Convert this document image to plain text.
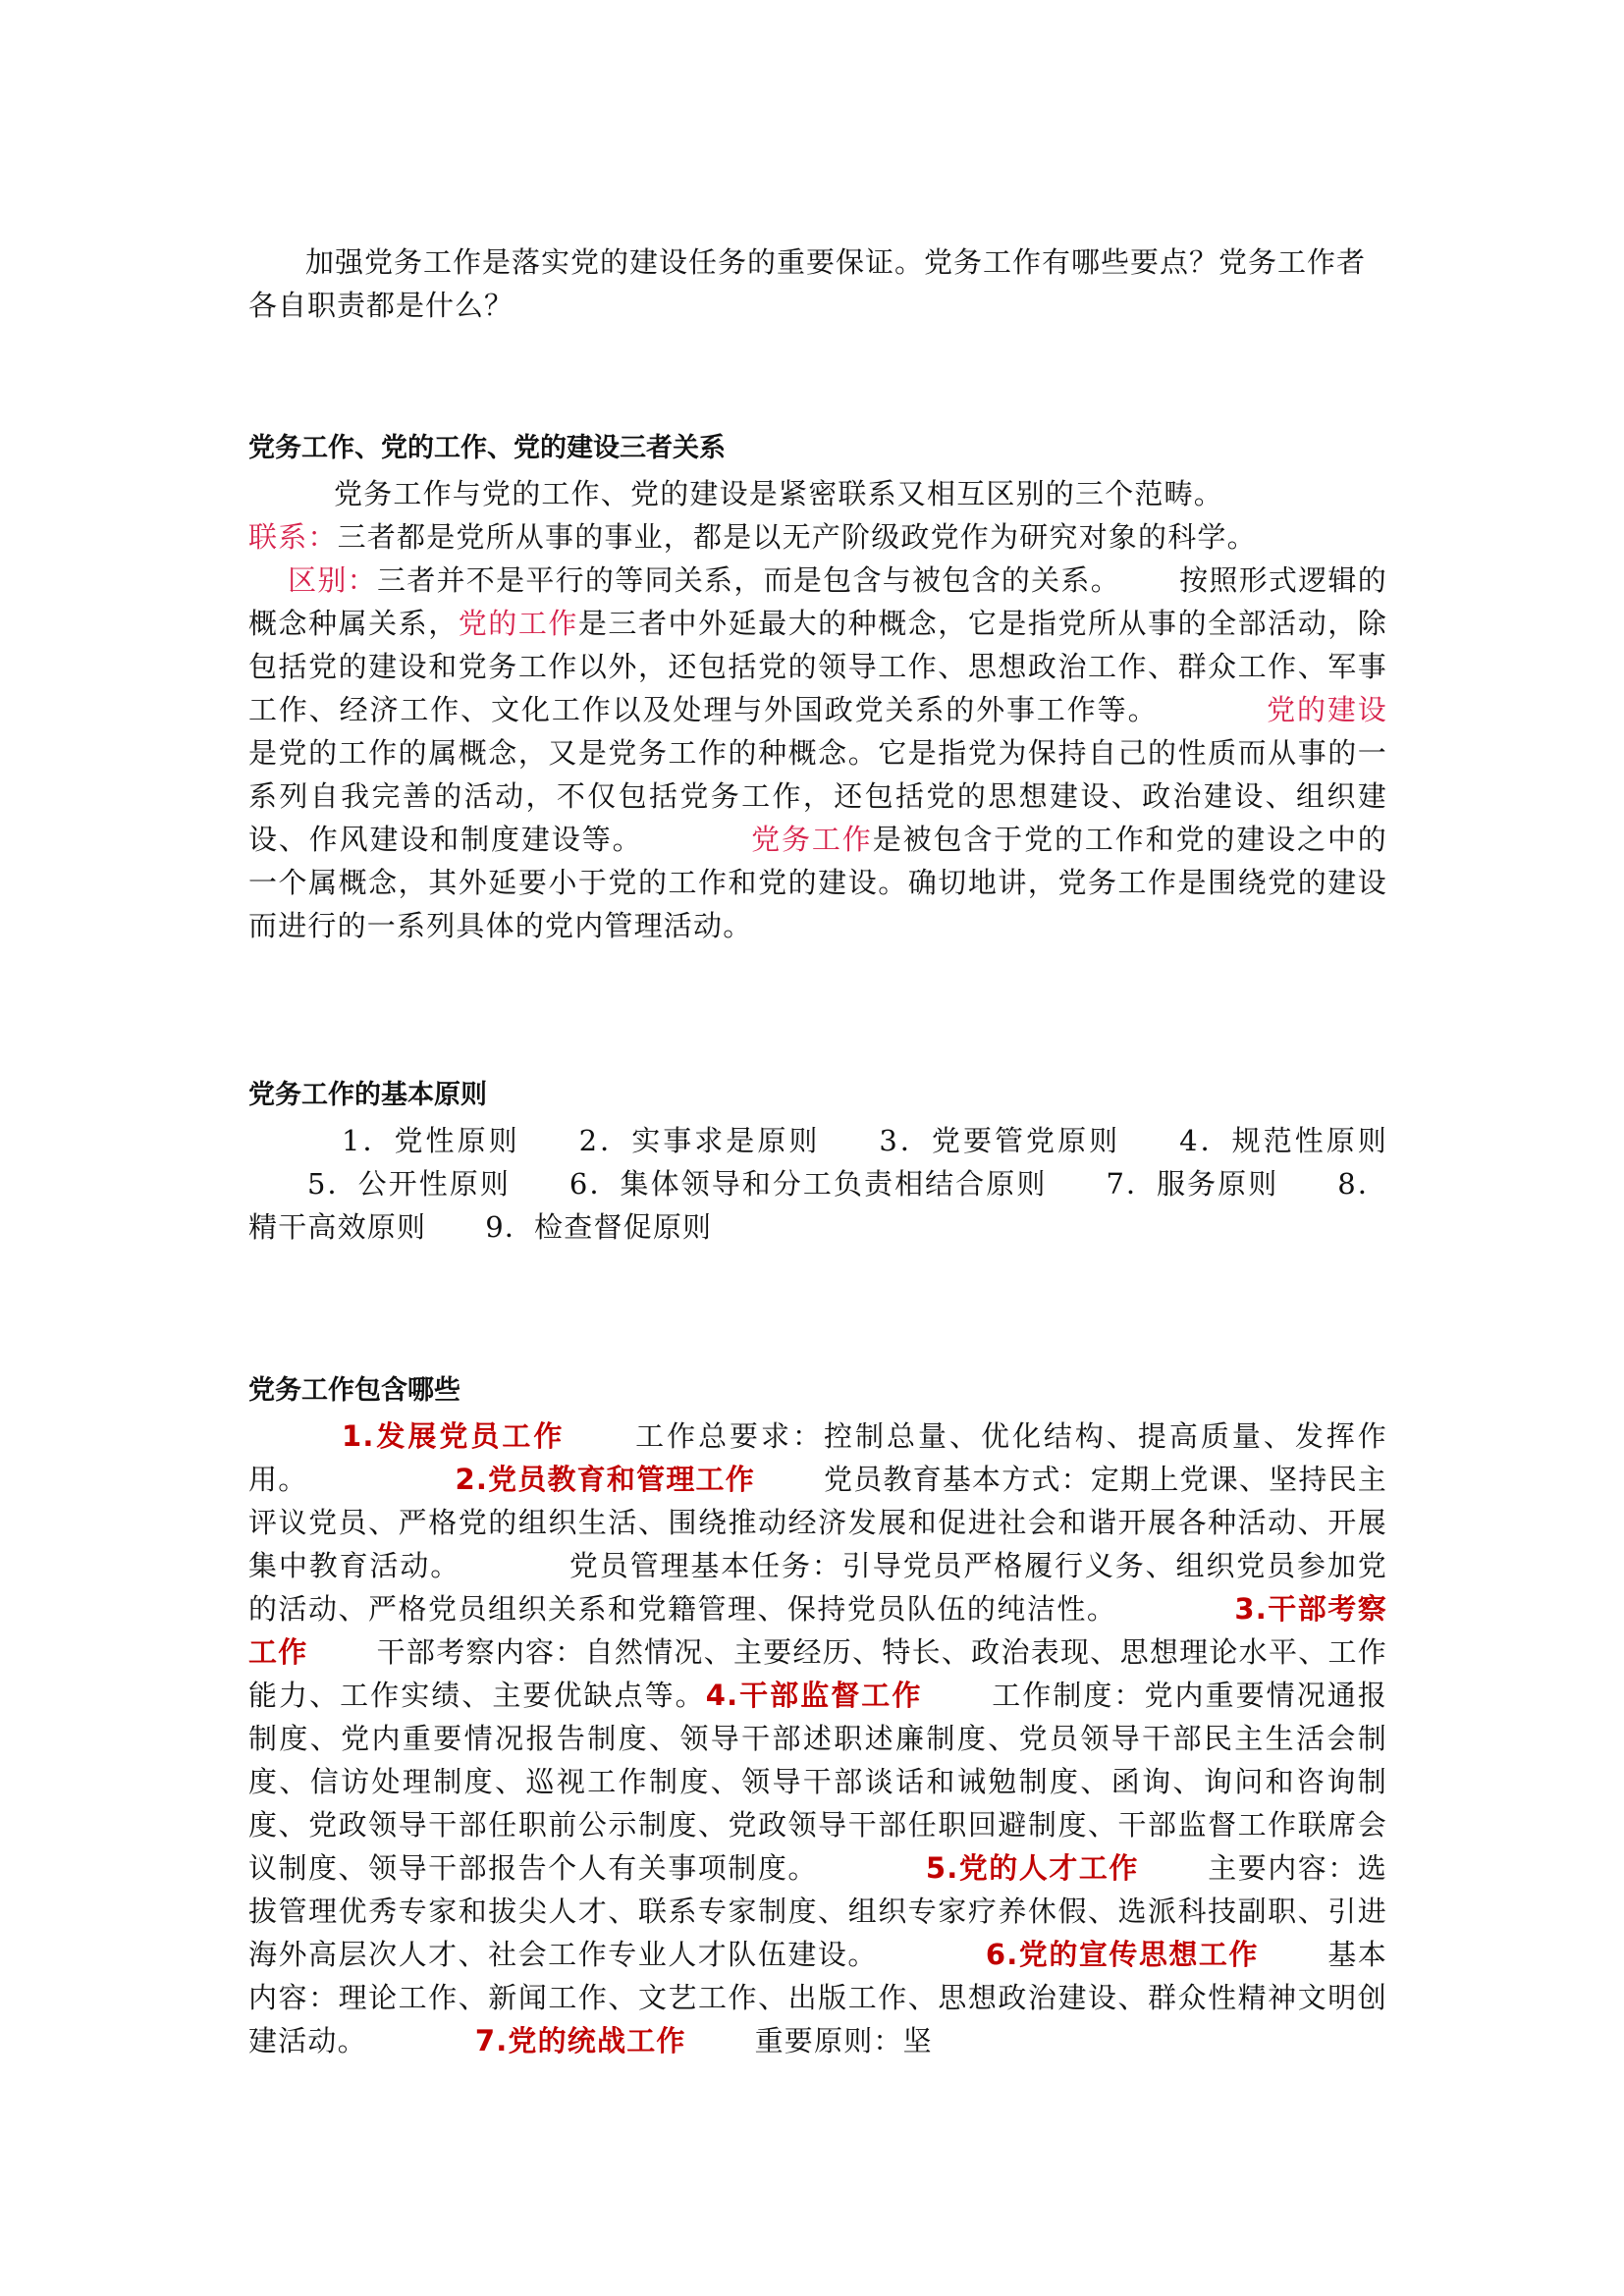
加强党务工作是落实党的建设任务的重要保证。党务工作有哪些要点？党务工作者各自职责都是什么？

党务工作、党的工作、党的建设三者关系

党务工作与党的工作、党的建设是紧密联系又相互区别的三个范畴。

联系：三者都是党所从事的事业，都是以无产阶级政党作为研究对象的科学。
区别：三者并不是平行的等同关系，而是包含与被包含的关系。 按照形式逻辑的概念种属关系，党的工作是三者中外延最大的种概念，它是指党所从事的全部活动，除包括党的建设和党务工作以外，还包括党的领导工作、思想政治工作、群众工作、军事工作、经济工作、文化工作以及处理与外国政党关系的外事工作等。	党的建设是党的工作的属概念，又是党务工作的种概念。它是指党为保持自己的性质而从事的一系列自我完善的活动，不仅包括党务工作，还包括党的思想建设、政治建设、组织建设、作风建设和制度建设等。	党务工作是被包含于党的工作和党的建设之中的一个属概念，其外延要小于党的工作和党的建设。确切地讲，党务工作是围绕党的建设而进行的一系列具体的党内管理活动。

党务工作的基本原则

1．党性原则 2．实事求是原则 3．党要管党原则 4．规范性原则5．公开性原则 6．集体领导和分工负责相结合原则 7．服务原则 8．精干高效原则 9．检查督促原则

党务工作包含哪些

1.发展党员工作 工作总要求：控制总量、优化结构、提高质量、发挥作用。	2.党员教育和管理工作 党员教育基本方式：定期上党课、坚持民主评议党员、严格党的组织生活、围绕推动经济发展和促进社会和谐开展各种活动、开展集中教育活动。	党员管理基本任务：引导党员严格履行义务、组织党员参加党的活动、严格党员组织关系和党籍管理、保持党员队伍的纯洁性。	3.干部考察工作 干部考察内容：自然情况、主要经历、特长、政治表现、思想理论水平、工作能力、工作实绩、主要优缺点等。4.干部监督工作 工作制度：党内重要情况通报制度、党内重要情况报告制度、领导干部述职述廉制度、党员领导干部民主生活会制度、信访处理制度、巡视工作制度、领导干部谈话和诫勉制度、函询、询问和咨询制度、党政领导干部任职前公示制度、党政领导干部任职回避制度、干部监督工作联席会议制度、领导干部报告个人有关事项制度。	5.党的人才工作 主要内容：选拔管理优秀专家和拔尖人才、联系专家制度、组织专家疗养休假、选派科技副职、引进海外高层次人才、社会工作专业人才队伍建设。	6.党的宣传思想工作 基本内容：理论工作、新闻工作、文艺工作、出版工作、思想政治建设、群众性精神文明创建活动。	7.党的统战工作 重要原则：坚
